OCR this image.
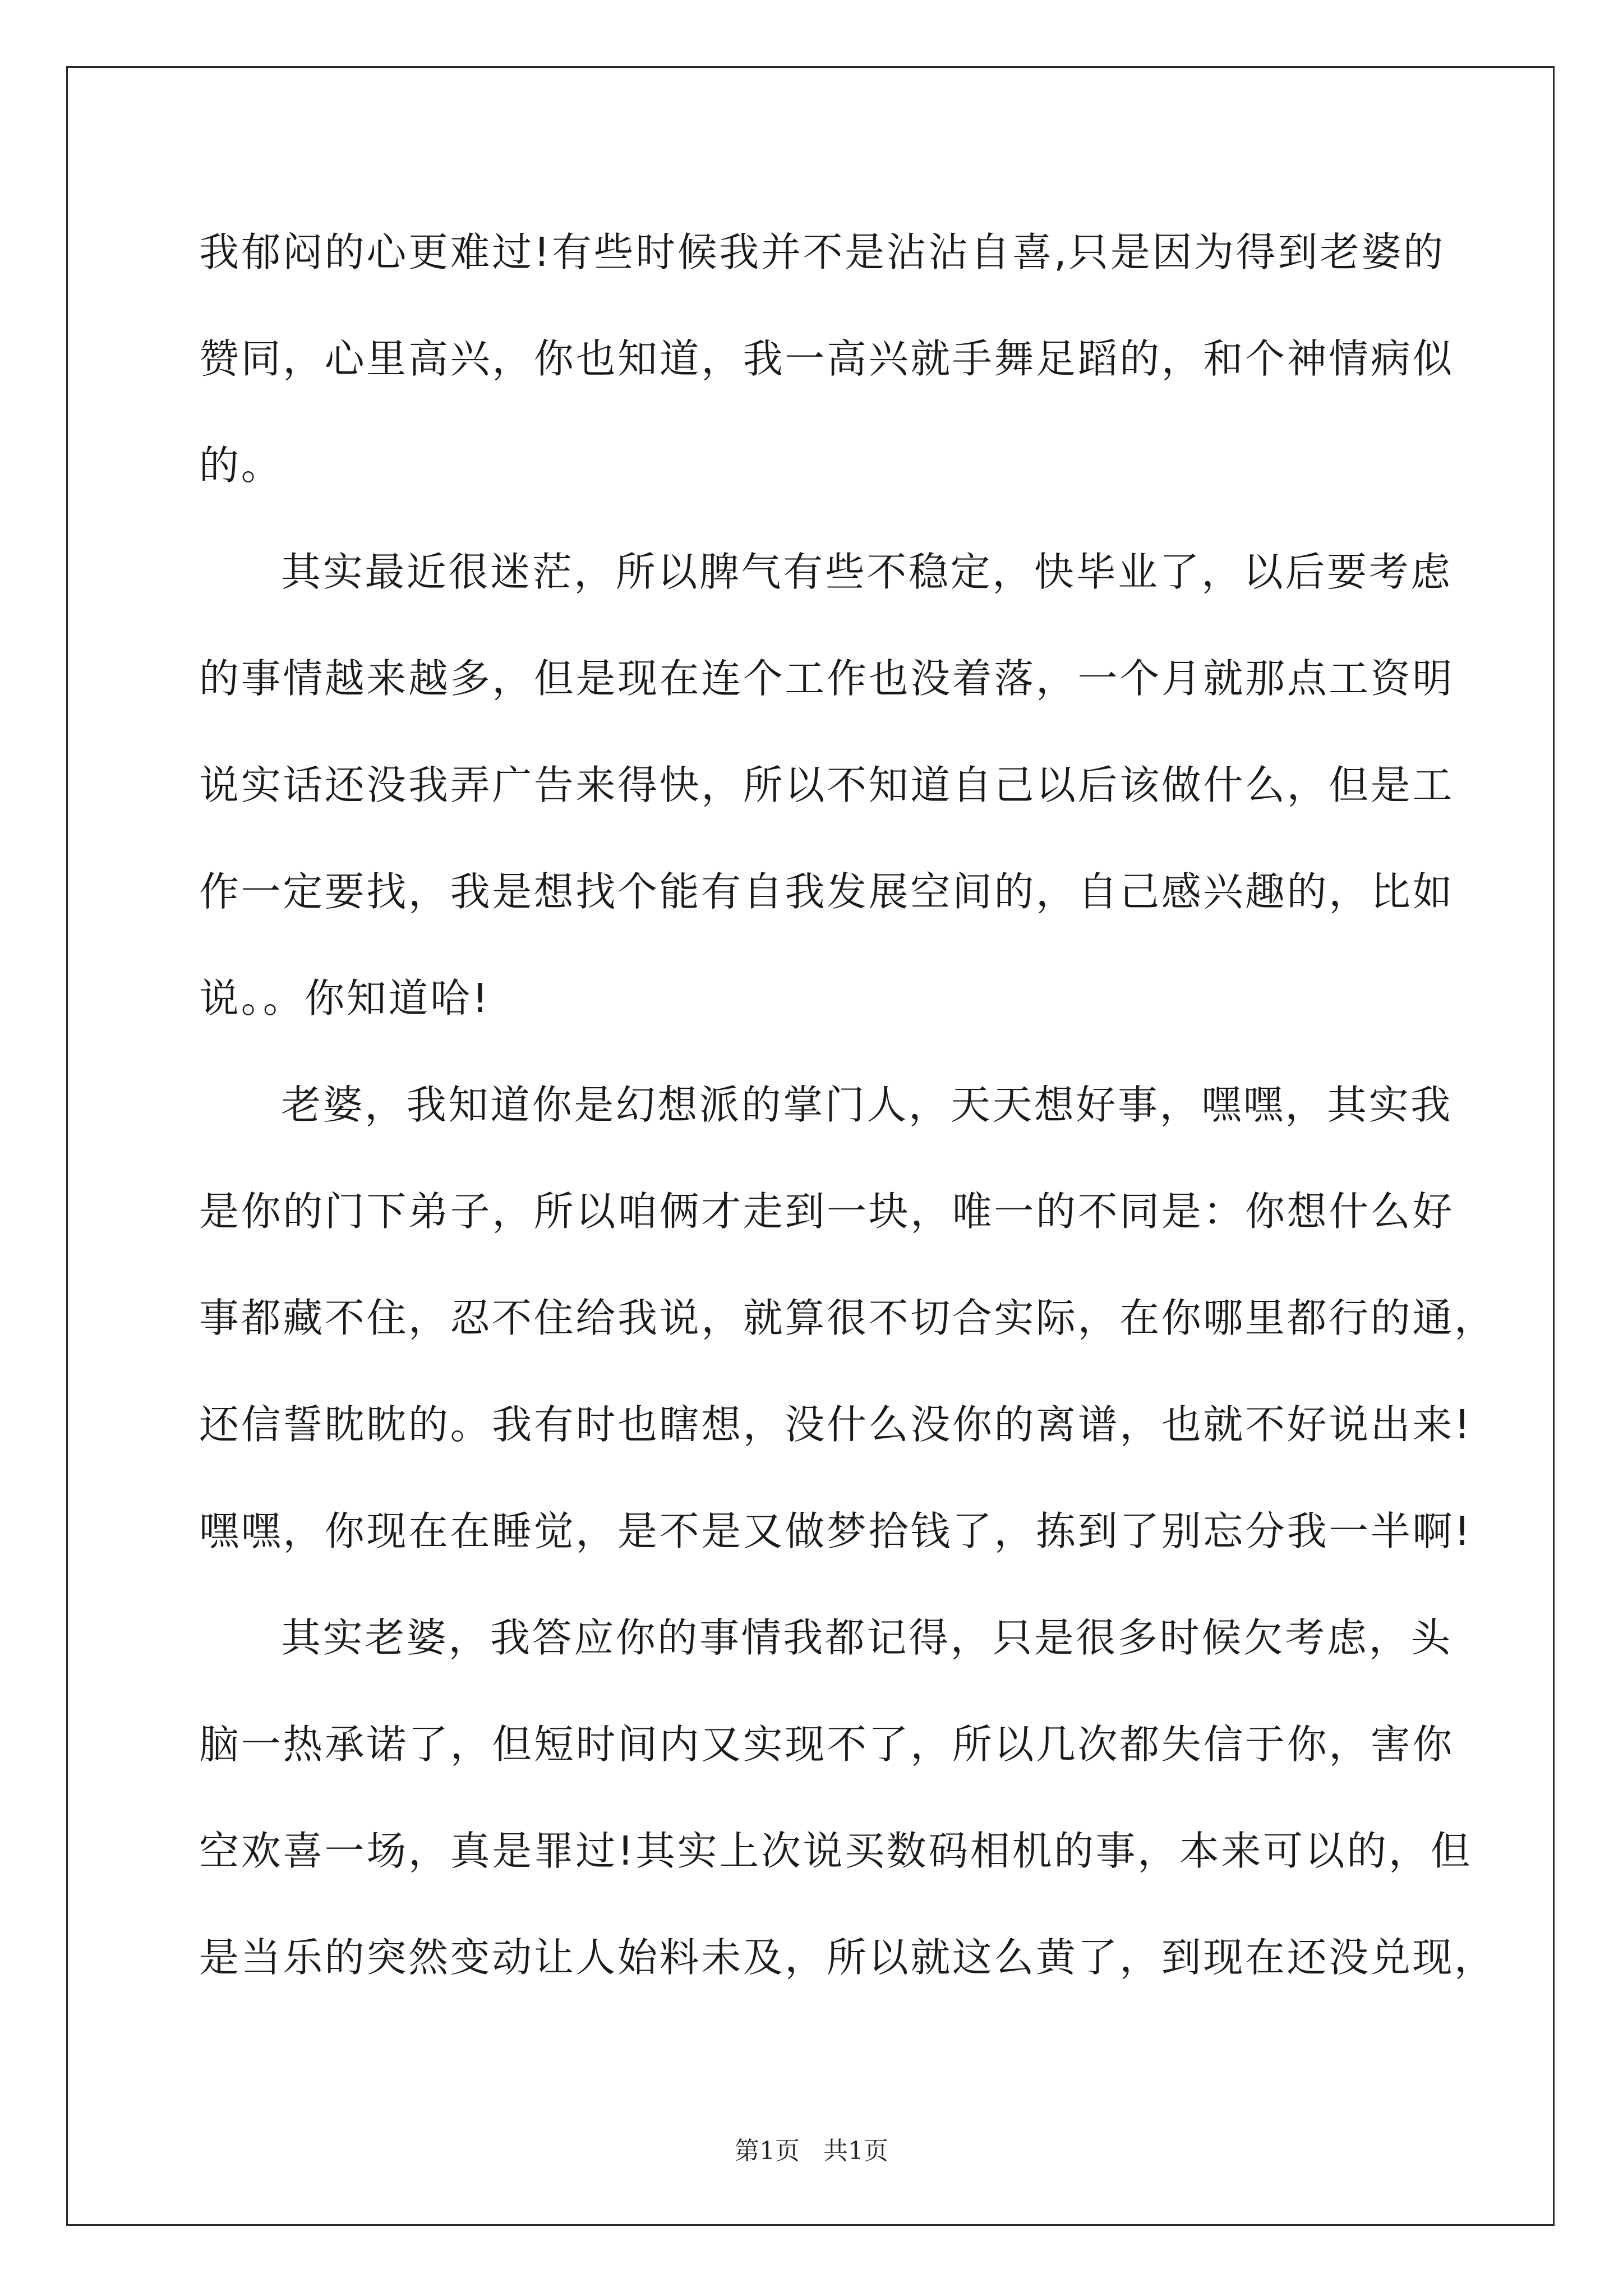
我郁闷的心更难过!有些时候我并不是沾沾自喜,只是因为得到老婆的
赞同，心里高兴，你也知道，我一高兴就手舞足蹈的，和个神情病似
的。
其实最近很迷茫，所以脾气有些不稳定，快毕业了，以后要考虑
的事情越来越多，但是现在连个工作也没着落，一个月就那点工资明
说实话还没我弄广告来得快，所以不知道自己以后该做什么，但是工
作一定要找，我是想找个能有自我发展空间的，自己感兴趣的，比如
说。。你知道哈!
老婆，我知道你是幻想派的掌门人，天天想好事，嘿嘿，其实我
是你的门下弟子，所以咱俩才走到一块，唯一的不同是：你想什么好
事都藏不住，忍不住给我说，就算很不切合实际，在你哪里都行的通，
还信誓眈眈的。我有时也瞎想，没什么没你的离谱，也就不好说出来!
嘿嘿，你现在在睡觉，是不是又做梦拾钱了，拣到了别忘分我一半啊!
其实老婆，我答应你的事情我都记得，只是很多时候欠考虑，头
脑一热承诺了，但短时间内又实现不了，所以几次都失信于你，害你
空欢喜一场，真是罪过!其实上次说买数码相机的事，本来可以的，但
是当乐的突然变动让人始料未及，所以就这么黄了，到现在还没兑现，
第1页   共1页
